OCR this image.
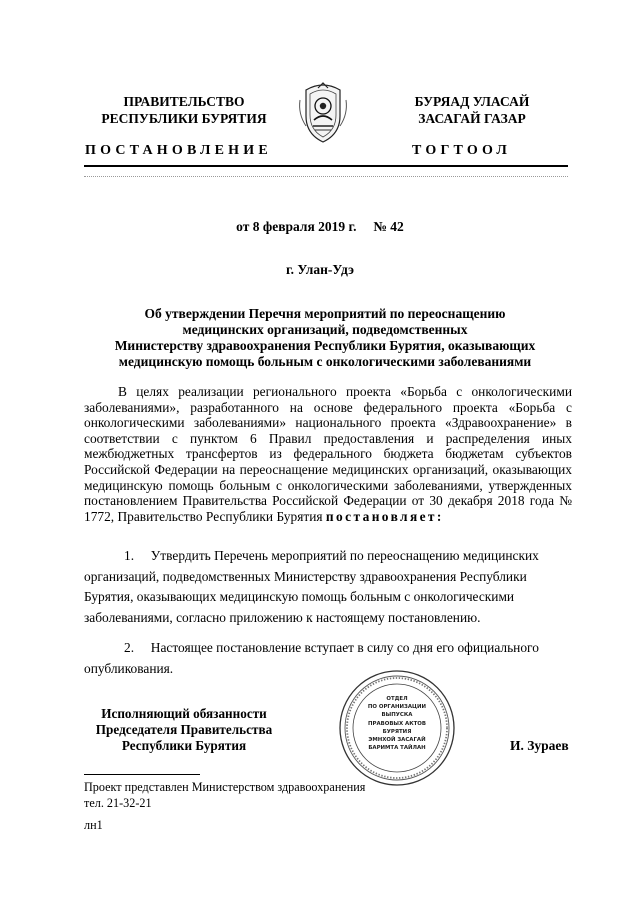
ПРАВИТЕЛЬСТВО
РЕСПУБЛИКИ БУРЯТИЯ
БУРЯАД УЛАСАЙ
ЗАСАГАЙ ГАЗАР
ПОСТАНОВЛЕНИЕ	ТОГТООЛ
от 8 февраля 2019 г.     № 42
г. Улан-Удэ
Об утверждении Перечня мероприятий по переоснащению
медицинских организаций, подведомственных
Министерству здравоохранения Республики Бурятия, оказывающих
медицинскую помощь больным с онкологическими заболеваниями
В целях реализации регионального проекта «Борьба с онкологическими заболеваниями», разработанного на основе федерального проекта «Борьба с онкологическими заболеваниями» национального проекта «Здравоохранение» в соответствии с пунктом 6 Правил предоставления и распределения иных межбюджетных трансфертов из федерального бюджета бюджетам субъектов Российской Федерации на переоснащение медицинских организаций, оказывающих медицинскую помощь больным с онкологическими заболеваниями, утвержденных постановлением Правительства Российской Федерации от 30 декабря 2018 года № 1772, Правительство Республики Бурятия постановляет:
1. Утвердить Перечень мероприятий по переоснащению медицинских организаций, подведомственных Министерству здравоохранения Республики Бурятия, оказывающих медицинскую помощь больным с онкологическими заболеваниями, согласно приложению к настоящему постановлению.
2. Настоящее постановление вступает в силу со дня его официального опубликования.
Исполняющий обязанности
Председателя Правительства
Республики Бурятия
ОТДЕЛ
ПО ОРГАНИЗАЦИИ
ВЫПУСКА
ПРАВОВЫХ АКТОВ
БУРЯТИЯ
ЭМНХОЙ ЗАСАГАЙ
БАРИМТА ТАЙЛАН	И. Зураев
Проект представлен Министерством здравоохранения
тел. 21-32-21
лн1
